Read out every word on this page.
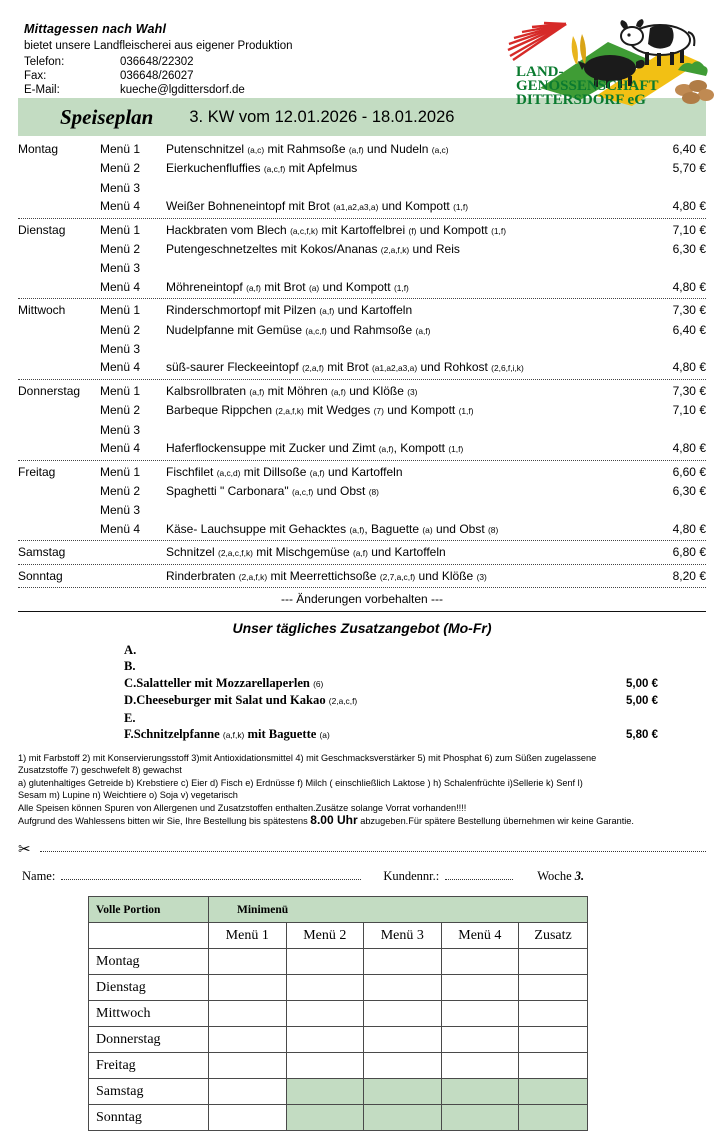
Mittagessen nach Wahl
bietet unsere Landfleischerei aus eigener Produktion
Telefon:	036648/22302
Fax:	036648/26027
E-Mail:	kueche@lgdittersdorf.de
LAND-
GENOSSENSCHAFT
DITTERSDORF eG
Speiseplan 3. KW vom 12.01.2026 - 18.01.2026
Montag	Menü 1	Putenschnitzel (a,c) mit Rahmsoße (a,f) und Nudeln (a,c)	6,40 €
Menü 2	Eierkuchenfluffies (a,c,f) mit Apfelmus	5,70 €
Menü 3
Menü 4	Weißer Bohneneintopf mit Brot (a1,a2,a3,a) und Kompott (1,f)	4,80 €
Dienstag	Menü 1	Hackbraten vom Blech (a,c,f,k) mit Kartoffelbrei (f) und Kompott (1,f)	7,10 €
Menü 2	Putengeschnetzeltes mit Kokos/Ananas (2,a,f,k) und Reis	6,30 €
Menü 3
Menü 4	Möhreneintopf (a,f) mit Brot (a) und Kompott (1,f)	4,80 €
Mittwoch	Menü 1	Rinderschmortopf mit Pilzen (a,f) und Kartoffeln	7,30 €
Menü 2	Nudelpfanne mit Gemüse (a,c,f) und Rahmsoße (a,f)	6,40 €
Menü 3
Menü 4	süß-saurer Fleckeeintopf (2,a,f) mit Brot (a1,a2,a3,a) und Rohkost (2,6,f,i,k)	4,80 €
Donnerstag	Menü 1	Kalbsrollbraten (a,f) mit Möhren (a,f) und Klöße (3)	7,30 €
Menü 2	Barbeque Rippchen (2,a,f,k) mit Wedges (7) und Kompott (1,f)	7,10 €
Menü 3
Menü 4	Haferflockensuppe mit Zucker und Zimt (a,f), Kompott (1,f)	4,80 €
Freitag	Menü 1	Fischfilet (a,c,d) mit Dillsoße (a,f) und Kartoffeln	6,60 €
Menü 2	Spaghetti " Carbonara" (a,c,f) und Obst (8)	6,30 €
Menü 3
Menü 4	Käse- Lauchsuppe mit Gehacktes (a,f), Baguette (a) und Obst (8)	4,80 €
Samstag	Schnitzel (2,a,c,f,k) mit Mischgemüse (a,f) und Kartoffeln	6,80 €
Sonntag	Rinderbraten (2,a,f,k) mit Meerrettichsoße (2,7,a,c,f) und Klöße (3)	8,20 €
--- Änderungen vorbehalten ---
Unser tägliches Zusatzangebot (Mo-Fr)
A.
B.
C. Salatteller mit Mozzarellaperlen (6)	5,00 €
D. Cheeseburger mit Salat und Kakao (2,a,c,f)	5,00 €
E.
F. Schnitzelpfanne (a,f,k) mit Baguette (a)	5,80 €
1) mit Farbstoff 2) mit Konservierungsstoff 3)mit Antioxidationsmittel 4) mit Geschmacksverstärker 5) mit Phosphat 6) zum Süßen zugelassene
Zusatzstoffe 7) geschwefelt 8) gewachst
a) glutenhaltiges Getreide b) Krebstiere c) Eier d) Fisch e) Erdnüsse f) Milch ( einschließlich Laktose ) h) Schalenfrüchte i)Sellerie k) Senf l)
Sesam m) Lupine n) Weichtiere o) Soja v) vegetarisch
Alle Speisen können Spuren von Allergenen und Zusatzstoffen enthalten.Zusätze solange Vorrat vorhanden!!!!
Aufgrund des Wahlessens bitten wir Sie, Ihre Bestellung bis spätestens 8.00 Uhr abzugeben.Für spätere Bestellung übernehmen wir keine Garantie.
✂
Name:	Kundennr.:	Woche 3.
Volle Portion	Minimenü				
	Menü 1	Menü 2	Menü 3	Menü 4	Zusatz
Montag					
Dienstag					
Mittwoch					
Donnerstag					
Freitag					
Samstag					
Sonntag					
